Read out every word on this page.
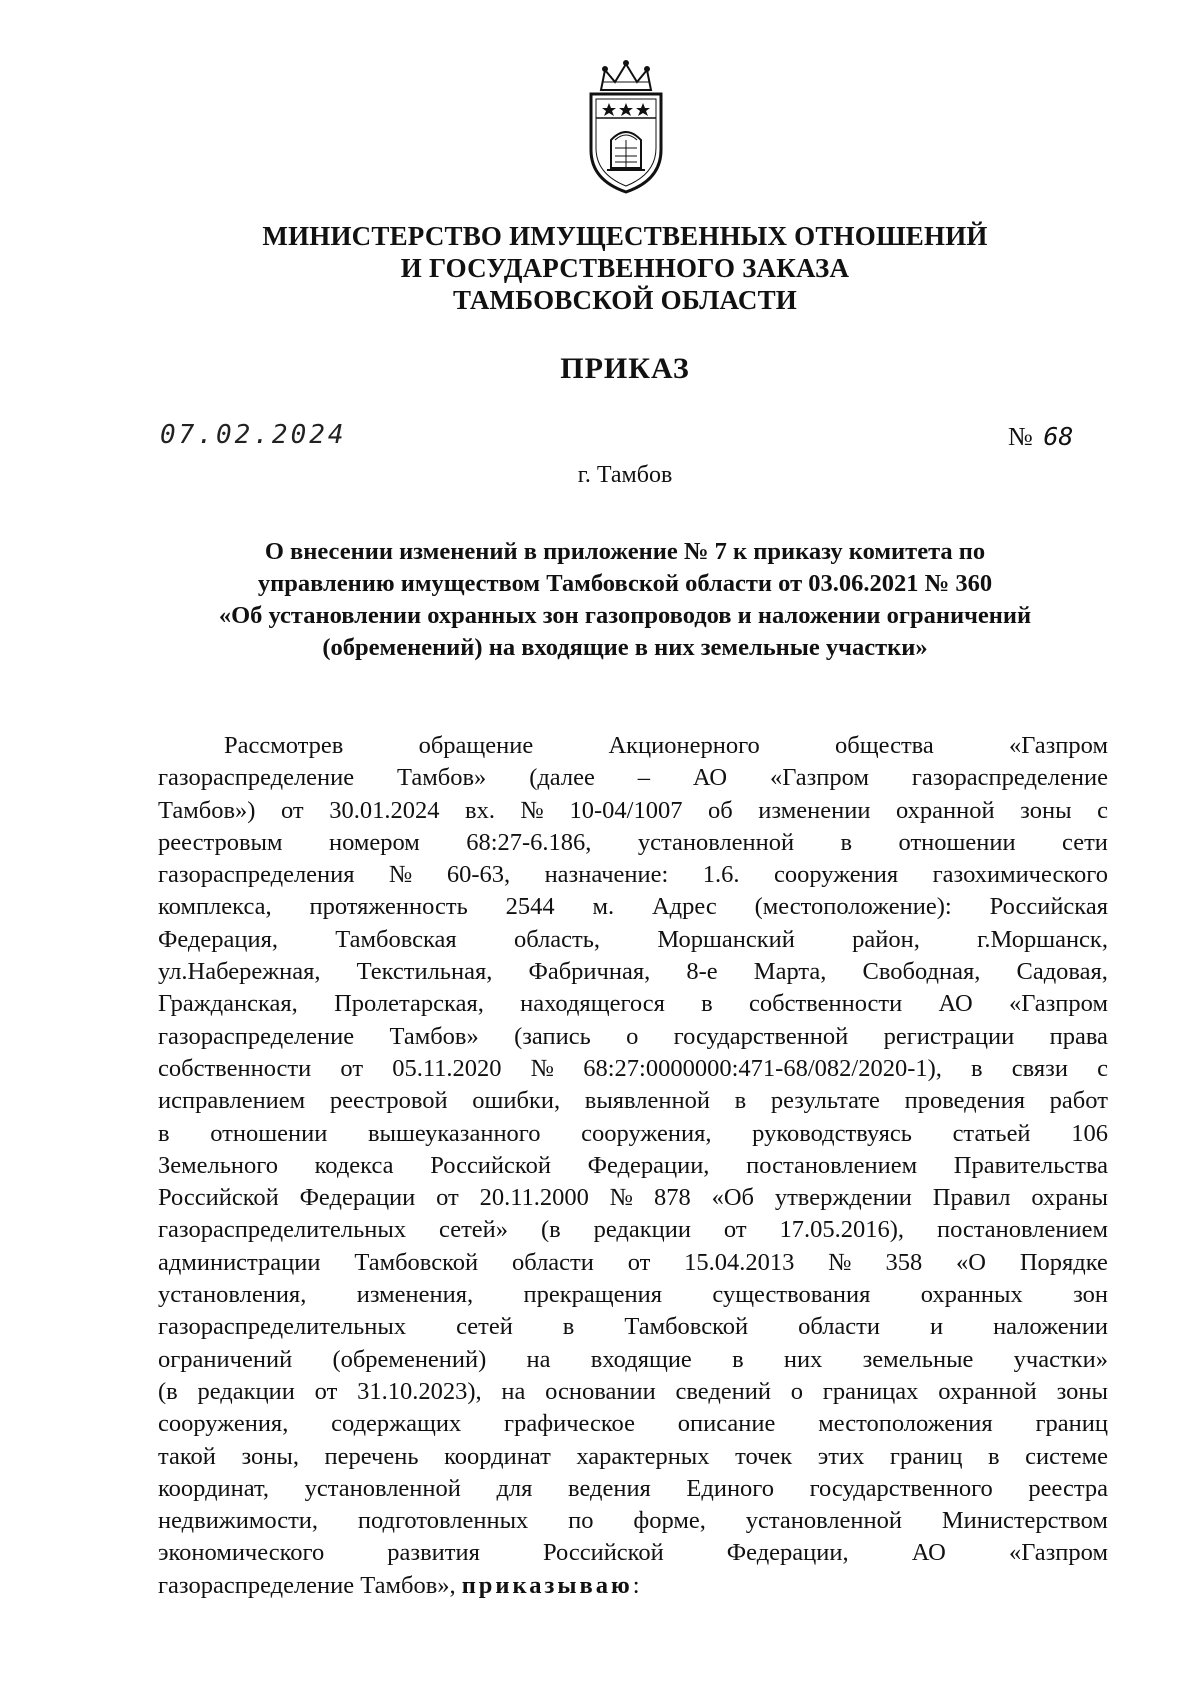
МИНИСТЕРСТВО ИМУЩЕСТВЕННЫХ ОТНОШЕНИЙ
И ГОСУДАРСТВЕННОГО ЗАКАЗА
ТАМБОВСКОЙ ОБЛАСТИ
ПРИКАЗ
07.02.2024	№ 68
г. Тамбов
О внесении изменений в приложение № 7 к приказу комитета по
управлению имуществом Тамбовской области от 03.06.2021 № 360
«Об установлении охранных зон газопроводов и наложении ограничений
(обременений) на входящие в них земельные участки»
Рассмотрев	обращение	Акционерного	общества	«Газпром
газораспределение Тамбов» (далее – АО «Газпром газораспределение
Тамбов») от 30.01.2024 вх. № 10-04/1007 об изменении охранной зоны с
реестровым номером 68:27-6.186, установленной в отношении сети
газораспределения № 60-63, назначение: 1.6. сооружения газохимического
комплекса, протяженность 2544 м. Адрес (местоположение): Российская
Федерация, Тамбовская область, Моршанский район, г.Моршанск,
ул.Набережная, Текстильная, Фабричная, 8-е Марта, Свободная, Садовая,
Гражданская, Пролетарская, находящегося в собственности АО «Газпром
газораспределение Тамбов» (запись о государственной регистрации права
собственности от 05.11.2020 № 68:27:0000000:471-68/082/2020-1), в связи с
исправлением реестровой ошибки, выявленной в результате проведения работ
в отношении вышеуказанного сооружения, руководствуясь статьей 106
Земельного кодекса Российской Федерации, постановлением Правительства
Российской Федерации от 20.11.2000 № 878 «Об утверждении Правил охраны
газораспределительных сетей» (в редакции от 17.05.2016), постановлением
администрации Тамбовской области от 15.04.2013 № 358 «О Порядке
установления, изменения, прекращения существования охранных зон
газораспределительных сетей в Тамбовской области и наложении
ограничений (обременений) на входящие в них земельные участки»
(в редакции от 31.10.2023), на основании сведений о границах охранной зоны
сооружения, содержащих графическое описание местоположения границ
такой зоны, перечень координат характерных точек этих границ в системе
координат, установленной для ведения Единого государственного реестра
недвижимости, подготовленных по форме, установленной Министерством
экономического	развития	Российской	Федерации,	АО	«Газпром
газораспределение Тамбов», приказываю :
